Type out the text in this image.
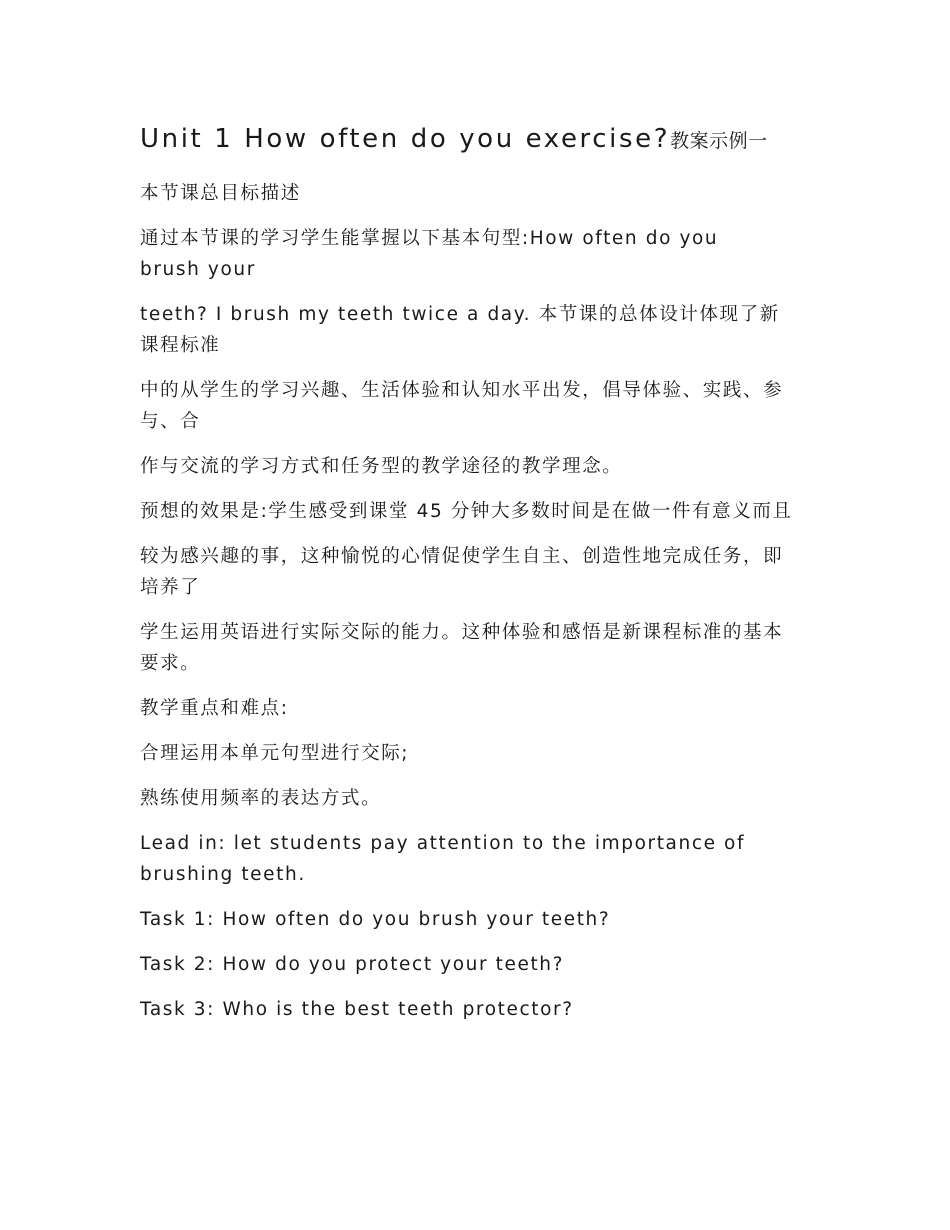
Unit 1 How often do you exercise?教案示例一

本节课总目标描述

通过本节课的学习学生能掌握以下基本句型:How often do you
brush your

teeth? I brush my teeth twice a day. 本节课的总体设计体现了新
课程标准

中的从学生的学习兴趣、生活体验和认知水平出发，倡导体验、实践、参
与、合

作与交流的学习方式和任务型的教学途径的教学理念。

预想的效果是:学生感受到课堂 45 分钟大多数时间是在做一件有意义而且

较为感兴趣的事，这种愉悦的心情促使学生自主、创造性地完成任务，即
培养了

学生运用英语进行实际交际的能力。这种体验和感悟是新课程标准的基本
要求。

教学重点和难点:

合理运用本单元句型进行交际;

熟练使用频率的表达方式。

Lead in: let students pay attention to the importance of
brushing teeth.

Task 1: How often do you brush your teeth?

Task 2: How do you protect your teeth?

Task 3: Who is the best teeth protector?
